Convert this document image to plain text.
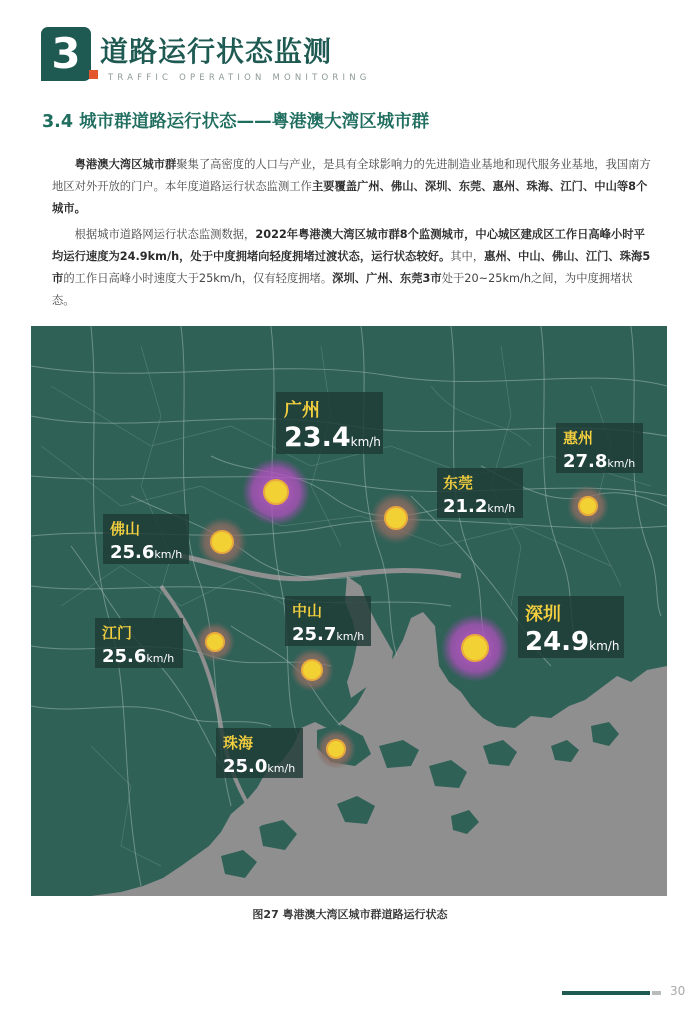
3 道路运行状态监测
TRAFFIC OPERATION MONITORING
3.4 城市群道路运行状态——粤港澳大湾区城市群
粤港澳大湾区城市群聚集了高密度的人口与产业，是具有全球影响力的先进制造业基地和现代服务业基地，我国南方地区对外开放的门户。本年度道路运行状态监测工作主要覆盖广州、佛山、深圳、东莞、惠州、珠海、江门、中山等8个城市。
根据城市道路网运行状态监测数据，2022年粤港澳大湾区城市群8个监测城市，中心城区建成区工作日高峰小时平均运行速度为24.9km/h，处于中度拥堵向轻度拥堵过渡状态，运行状态较好。其中，惠州、中山、佛山、江门、珠海5市的工作日高峰小时速度大于25km/h，仅有轻度拥堵。深圳、广州、东莞3市处于20~25km/h之间，为中度拥堵状态。
广州
23.4km/h	惠州
27.8km/h
东莞
21.2km/h
佛山
25.6km/h
中山
25.7km/h
江门
25.6km/h
深圳
24.9km/h
珠海
25.0km/h
图27 粤港澳大湾区城市群道路运行状态
30
